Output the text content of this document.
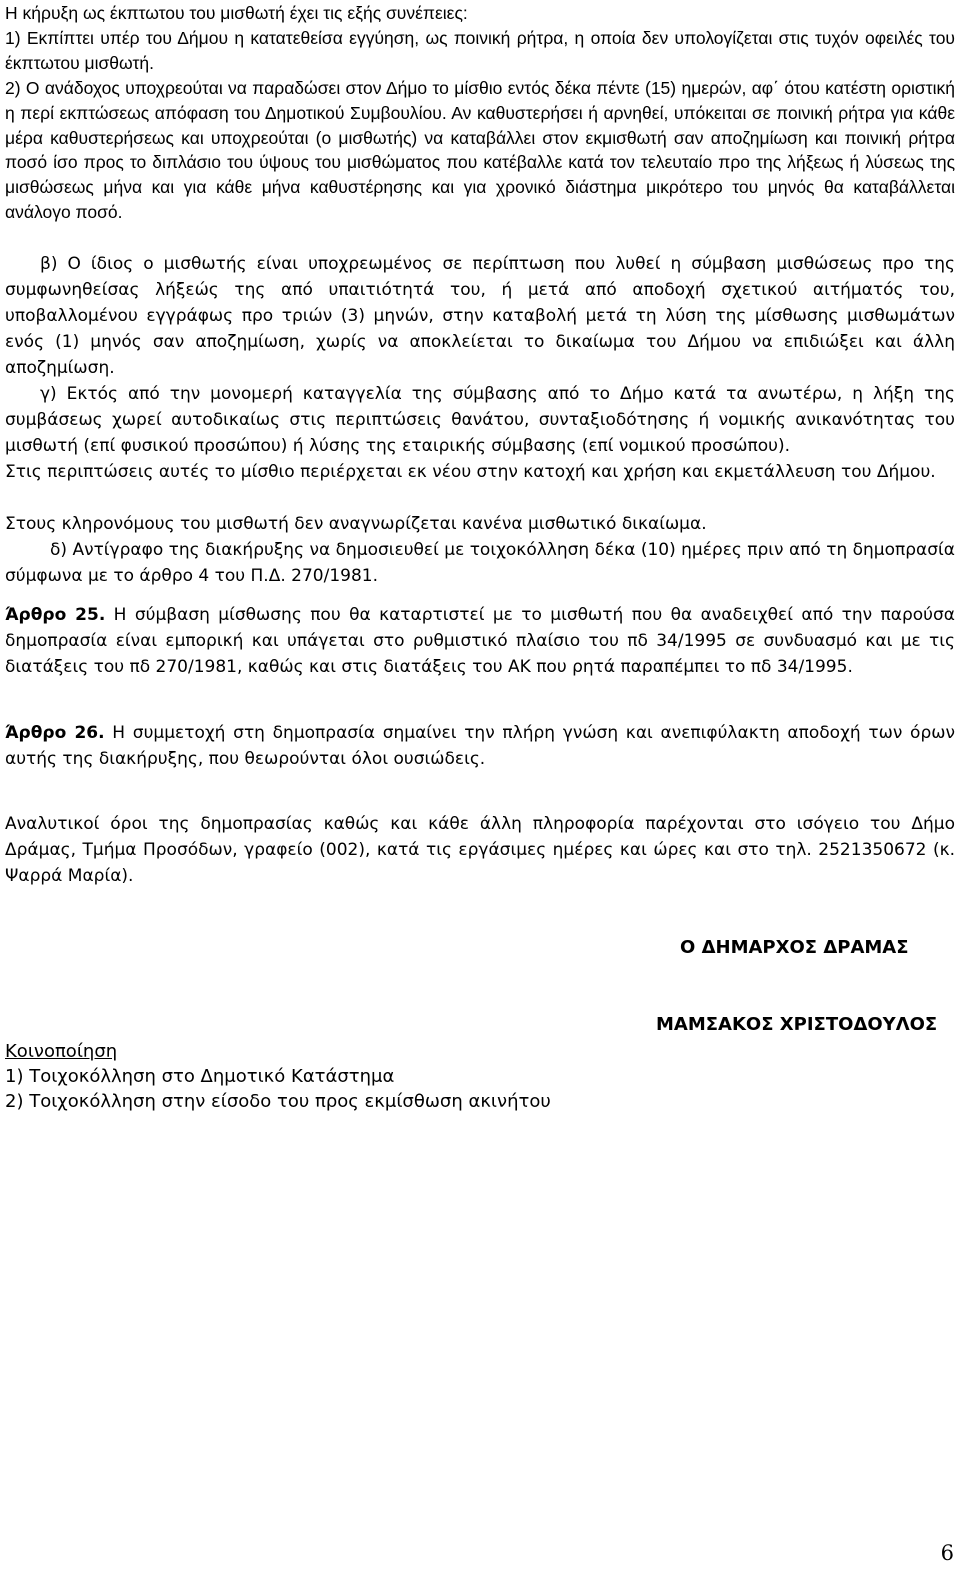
Η κήρυξη ως έκπτωτου του μισθωτή έχει τις εξής συνέπειες:

1) Εκπίπτει υπέρ του Δήμου η κατατεθείσα εγγύηση, ως ποινική ρήτρα, η οποία δεν υπολογίζεται στις τυχόν οφειλές του έκπτωτου μισθωτή.

2) Ο ανάδοχος υποχρεούται να παραδώσει στον Δήμο το μίσθιο εντός δέκα πέντε (15) ημερών, αφ΄ ότου κατέστη οριστική η περί εκπτώσεως απόφαση του Δημοτικού Συμβουλίου. Αν καθυστερήσει ή αρνηθεί, υπόκειται σε ποινική ρήτρα για κάθε μέρα καθυστερήσεως και υποχρεούται (ο μισθωτής) να καταβάλλει στον εκμισθωτή σαν αποζημίωση και ποινική ρήτρα ποσό ίσο προς το διπλάσιο του ύψους του μισθώματος που κατέβαλλε κατά τον τελευταίο προ της λήξεως ή λύσεως της μισθώσεως μήνα και για κάθε μήνα καθυστέρησης και για χρονικό διάστημα μικρότερο του μηνός θα καταβάλλεται ανάλογο ποσό.

β) Ο ίδιος ο μισθωτής είναι υποχρεωμένος σε περίπτωση που λυθεί η σύμβαση μισθώσεως προ της συμφωνηθείσας λήξεώς της από υπαιτιότητά του, ή μετά από αποδοχή σχετικού αιτήματός του, υποβαλλομένου εγγράφως προ τριών (3) μηνών, στην καταβολή μετά τη λύση της μίσθωσης μισθωμάτων ενός (1) μηνός σαν αποζημίωση, χωρίς να αποκλείεται το δικαίωμα του Δήμου να επιδιώξει και άλλη αποζημίωση.

γ) Εκτός από την μονομερή καταγγελία της σύμβασης από το Δήμο κατά τα ανωτέρω, η λήξη της συμβάσεως χωρεί αυτοδικαίως στις περιπτώσεις θανάτου, συνταξιοδότησης ή νομικής ανικανότητας του μισθωτή (επί φυσικού προσώπου) ή λύσης της εταιρικής σύμβασης (επί νομικού προσώπου).

Στις περιπτώσεις αυτές το μίσθιο περιέρχεται εκ νέου στην κατοχή και χρήση και εκμετάλλευση του Δήμου.

Στους κληρονόμους του μισθωτή δεν αναγνωρίζεται κανένα μισθωτικό δικαίωμα.

δ) Αντίγραφο της διακήρυξης να δημοσιευθεί με τοιχοκόλληση δέκα (10) ημέρες πριν από τη δημοπρασία σύμφωνα με το άρθρο 4 του Π.Δ. 270/1981.

Άρθρο 25. Η σύμβαση μίσθωσης που θα καταρτιστεί με το μισθωτή που θα αναδειχθεί από την παρούσα δημοπρασία είναι εμπορική και υπάγεται στο ρυθμιστικό πλαίσιο του πδ 34/1995 σε συνδυασμό και με τις διατάξεις του πδ 270/1981, καθώς και στις διατάξεις του ΑΚ που ρητά παραπέμπει το πδ 34/1995.

Άρθρο 26. Η συμμετοχή στη δημοπρασία σημαίνει την πλήρη γνώση και ανεπιφύλακτη αποδοχή των όρων αυτής της διακήρυξης, που θεωρούνται όλοι ουσιώδεις.

Αναλυτικοί όροι της δημοπρασίας καθώς και κάθε άλλη πληροφορία παρέχονται στο ισόγειο του Δήμο Δράμας, Τμήμα Προσόδων, γραφείο (002), κατά τις εργάσιμες ημέρες και ώρες και στο τηλ. 2521350672 (κ. Ψαρρά Μαρία).

Ο ΔΗΜΑΡΧΟΣ ΔΡΑΜΑΣ
ΜΑΜΣΑΚΟΣ ΧΡΙΣΤΟΔΟΥΛΟΣ
Κοινοποίηση
1) Τοιχοκόλληση στο Δημοτικό Κατάστημα
2) Τοιχοκόλληση στην είσοδο του προς εκμίσθωση ακινήτου
6
